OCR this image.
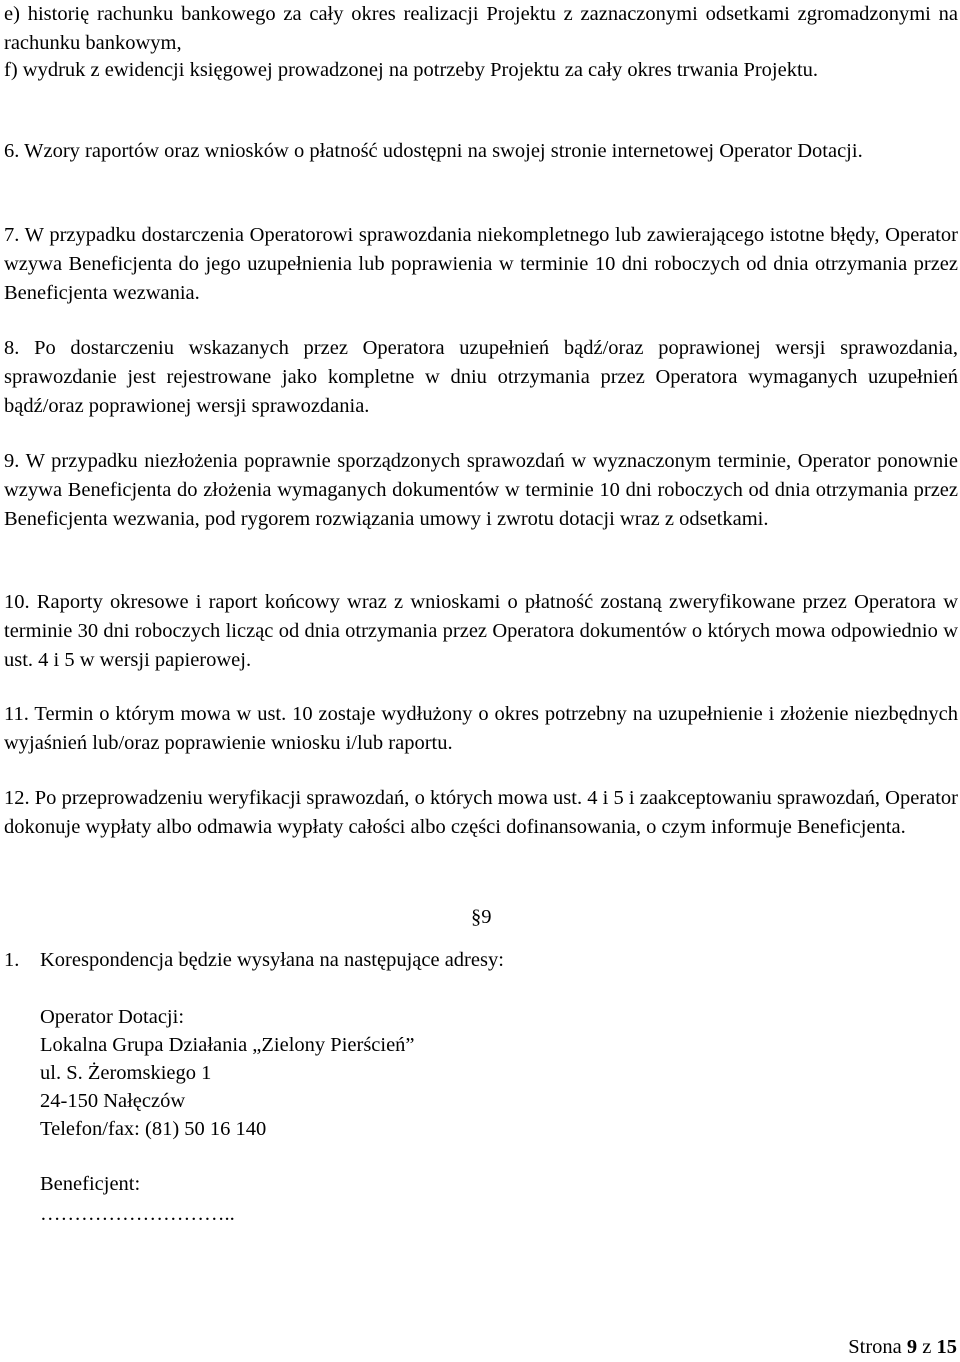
e) historię rachunku bankowego za cały okres realizacji Projektu z zaznaczonymi odsetkami zgromadzonymi na rachunku bankowym,

f) wydruk z ewidencji księgowej prowadzonej na potrzeby Projektu za cały okres trwania Projektu.

6. Wzory raportów oraz wniosków o płatność udostępni na swojej stronie internetowej Operator Dotacji.

7. W przypadku dostarczenia Operatorowi sprawozdania niekompletnego lub zawierającego istotne błędy, Operator wzywa Beneficjenta do jego uzupełnienia lub poprawienia w terminie 10 dni roboczych od dnia otrzymania przez Beneficjenta wezwania.

8. Po dostarczeniu wskazanych przez Operatora uzupełnień bądź/oraz poprawionej wersji sprawozdania, sprawozdanie jest rejestrowane jako kompletne w dniu otrzymania przez Operatora wymaganych uzupełnień bądź/oraz poprawionej wersji sprawozdania.

9. W przypadku niezłożenia poprawnie sporządzonych sprawozdań w wyznaczonym terminie, Operator ponownie wzywa Beneficjenta do złożenia wymaganych dokumentów w terminie 10 dni roboczych od dnia otrzymania przez Beneficjenta wezwania, pod rygorem rozwiązania umowy i zwrotu dotacji wraz z odsetkami.

10. Raporty okresowe i raport końcowy wraz z wnioskami o płatność zostaną zweryfikowane przez Operatora w terminie 30 dni roboczych licząc od dnia otrzymania przez Operatora dokumentów o których mowa odpowiednio w ust. 4 i 5 w wersji papierowej.

11. Termin o którym mowa w ust. 10 zostaje wydłużony o okres potrzebny na uzupełnienie i złożenie niezbędnych wyjaśnień lub/oraz poprawienie wniosku i/lub raportu.

12. Po przeprowadzeniu weryfikacji sprawozdań, o których mowa ust. 4 i 5 i zaakceptowaniu sprawozdań, Operator dokonuje wypłaty albo odmawia wypłaty całości albo części dofinansowania, o czym informuje Beneficjenta.

§9
1. Korespondencja będzie wysyłana na następujące adresy:
Operator Dotacji:
Lokalna Grupa Działania „Zielony Pierścień”
ul. S. Żeromskiego 1
24-150 Nałęczów
Telefon/fax: (81) 50 16 140
Beneficjent:
………………………..
Strona 9 z 15
